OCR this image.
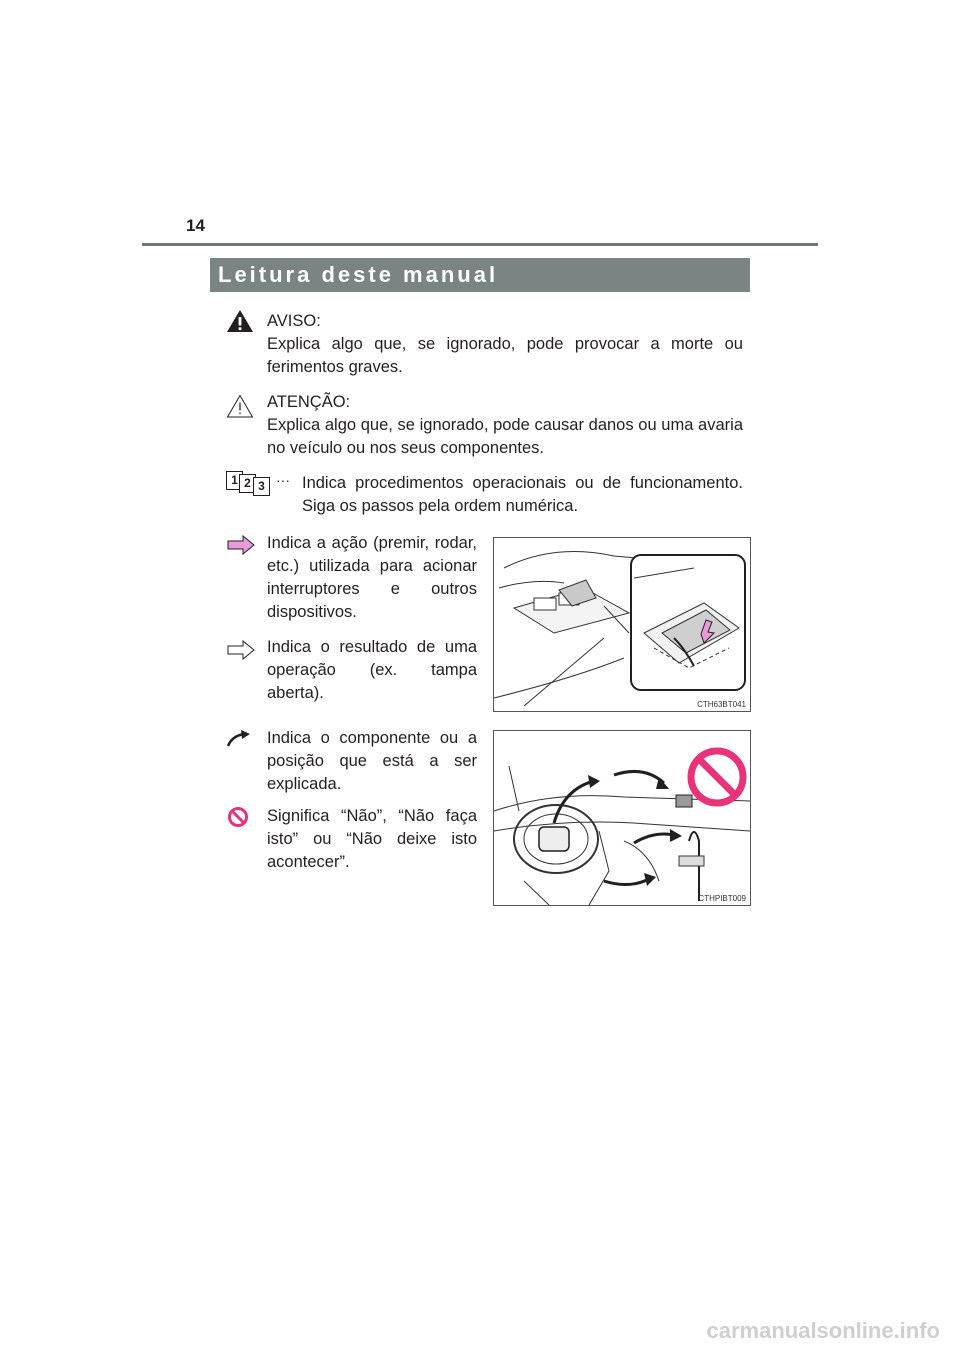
14
Leitura deste manual
AVISO:
Explica algo que, se ignorado, pode provocar a morte ou ferimentos graves.
ATENÇÃO:
Explica algo que, se ignorado, pode causar danos ou uma avaria no veículo ou nos seus componentes.
1 2 3 ··· Indica procedimentos operacionais ou de funcionamento. Siga os passos pela ordem numérica.
Indica a ação (premir, rodar, etc.) utilizada para acionar interruptores e outros dispositivos.
Indica o resultado de uma operação (ex. tampa aberta).
CTH63BT041
Indica o componente ou a posição que está a ser explicada.
Significa “Não”, “Não faça isto” ou “Não deixe isto acontecer”.
CTHPIBT009
carmanualsonline.info
